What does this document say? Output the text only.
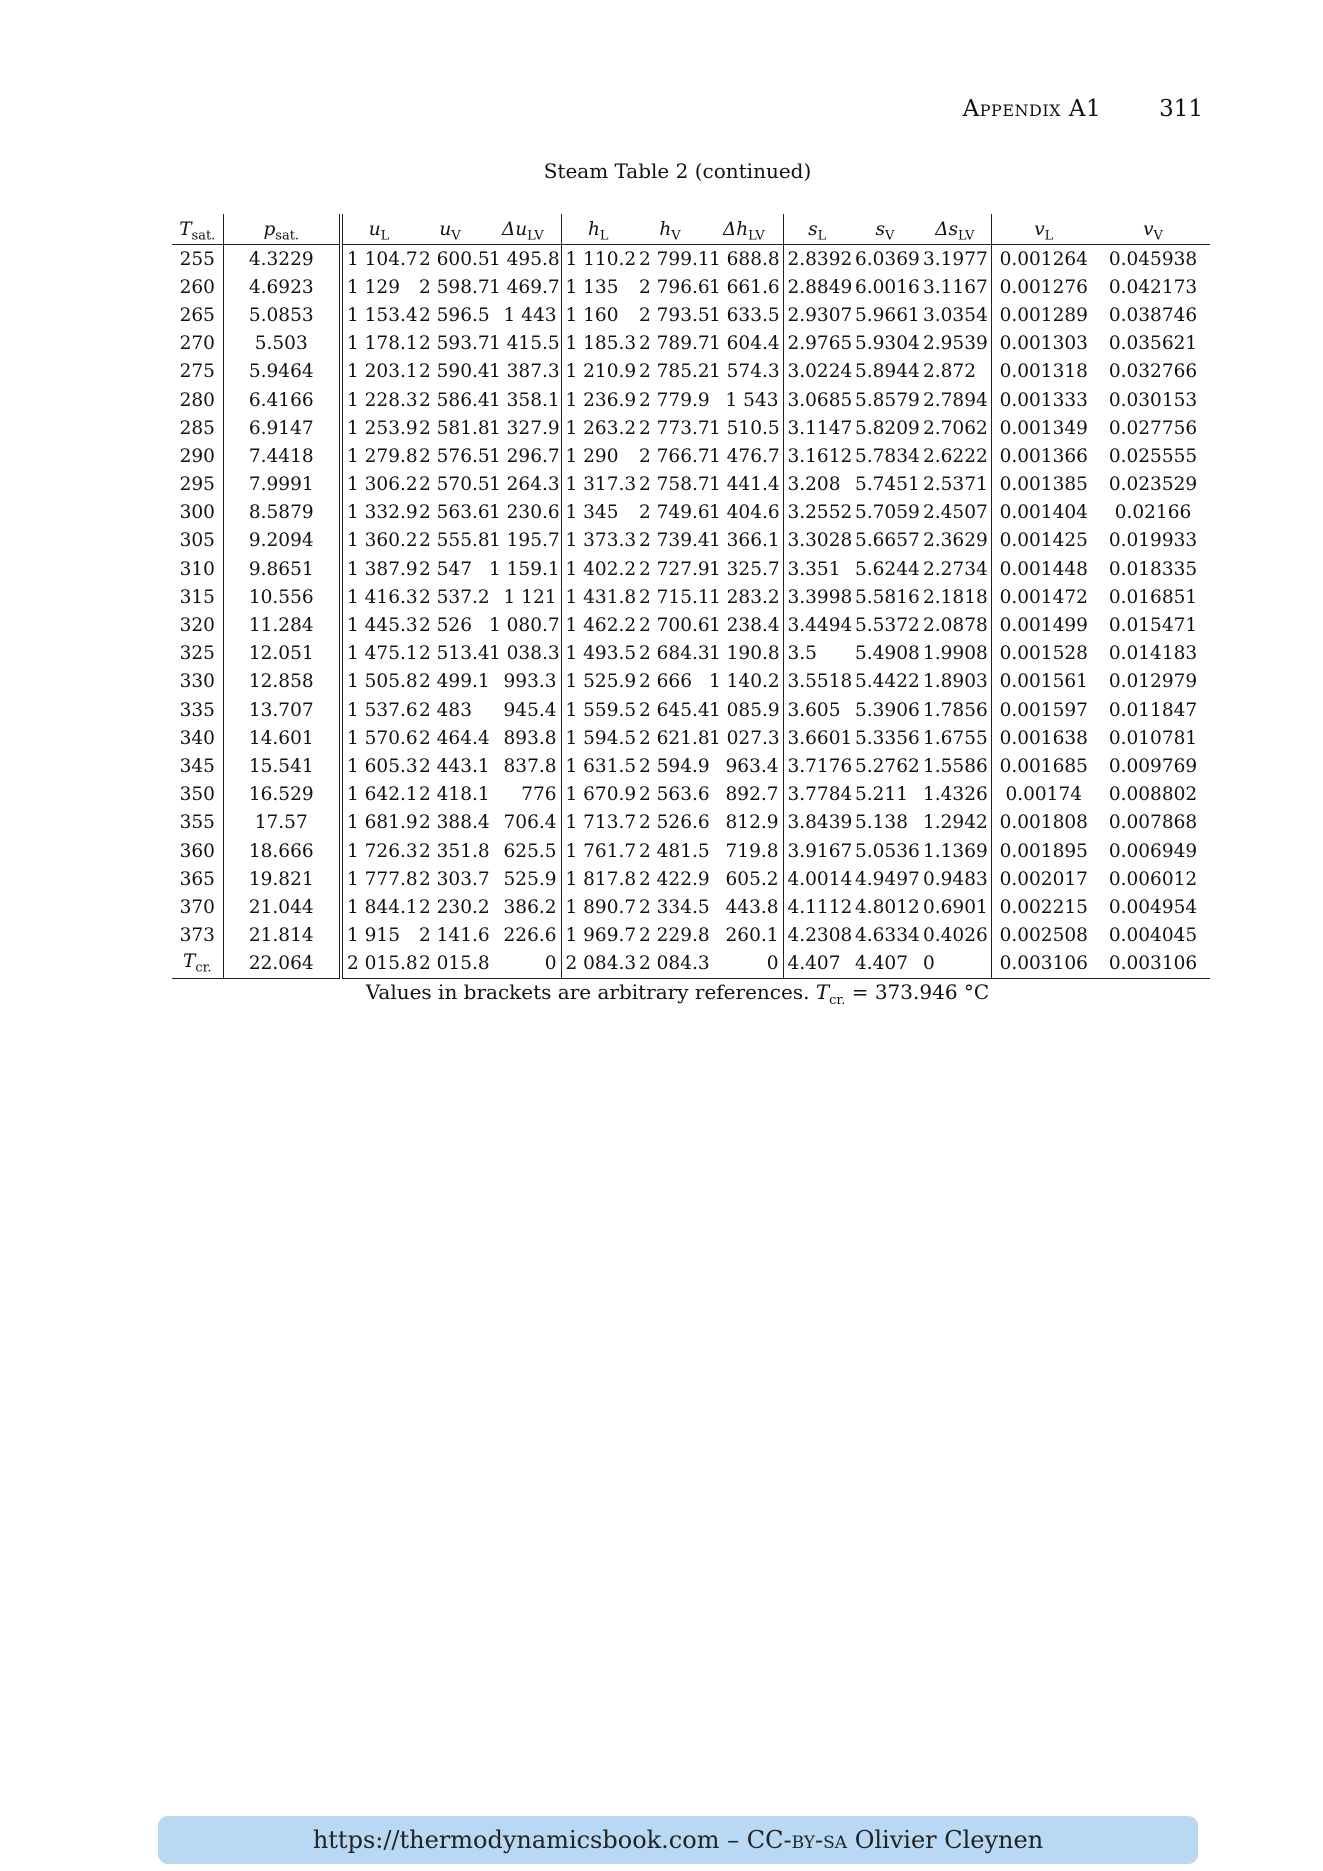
Appendix A1	311
Steam Table 2 (continued)
$T_{sat.}$	$p_{sat.}$	$u_L$	$u_V$	$\Delta u_{LV}$	$h_L$	$h_V$	$\Delta h_{LV}$	$s_L$	$s_V$	$\Delta s_{LV}$	$v_L$	$v_V$
255	4.3229	1 104.7	2 600.5	1 495.8	1 110.2	2 799.1	1 688.8	2.8392	6.0369	3.1977	0.001264	0.045938
260	4.6923	1 129	2 598.7	1 469.7	1 135	2 796.6	1 661.6	2.8849	6.0016	3.1167	0.001276	0.042173
265	5.0853	1 153.4	2 596.5	1 443	1 160	2 793.5	1 633.5	2.9307	5.9661	3.0354	0.001289	0.038746
270	5.503	1 178.1	2 593.7	1 415.5	1 185.3	2 789.7	1 604.4	2.9765	5.9304	2.9539	0.001303	0.035621
275	5.9464	1 203.1	2 590.4	1 387.3	1 210.9	2 785.2	1 574.3	3.0224	5.8944	2.872	0.001318	0.032766
280	6.4166	1 228.3	2 586.4	1 358.1	1 236.9	2 779.9	1 543	3.0685	5.8579	2.7894	0.001333	0.030153
285	6.9147	1 253.9	2 581.8	1 327.9	1 263.2	2 773.7	1 510.5	3.1147	5.8209	2.7062	0.001349	0.027756
290	7.4418	1 279.8	2 576.5	1 296.7	1 290	2 766.7	1 476.7	3.1612	5.7834	2.6222	0.001366	0.025555
295	7.9991	1 306.2	2 570.5	1 264.3	1 317.3	2 758.7	1 441.4	3.208	5.7451	2.5371	0.001385	0.023529
300	8.5879	1 332.9	2 563.6	1 230.6	1 345	2 749.6	1 404.6	3.2552	5.7059	2.4507	0.001404	0.02166
305	9.2094	1 360.2	2 555.8	1 195.7	1 373.3	2 739.4	1 366.1	3.3028	5.6657	2.3629	0.001425	0.019933
310	9.8651	1 387.9	2 547	1 159.1	1 402.2	2 727.9	1 325.7	3.351	5.6244	2.2734	0.001448	0.018335
315	10.556	1 416.3	2 537.2	1 121	1 431.8	2 715.1	1 283.2	3.3998	5.5816	2.1818	0.001472	0.016851
320	11.284	1 445.3	2 526	1 080.7	1 462.2	2 700.6	1 238.4	3.4494	5.5372	2.0878	0.001499	0.015471
325	12.051	1 475.1	2 513.4	1 038.3	1 493.5	2 684.3	1 190.8	3.5	5.4908	1.9908	0.001528	0.014183
330	12.858	1 505.8	2 499.1	993.3	1 525.9	2 666	1 140.2	3.5518	5.4422	1.8903	0.001561	0.012979
335	13.707	1 537.6	2 483	945.4	1 559.5	2 645.4	1 085.9	3.605	5.3906	1.7856	0.001597	0.011847
340	14.601	1 570.6	2 464.4	893.8	1 594.5	2 621.8	1 027.3	3.6601	5.3356	1.6755	0.001638	0.010781
345	15.541	1 605.3	2 443.1	837.8	1 631.5	2 594.9	963.4	3.7176	5.2762	1.5586	0.001685	0.009769
350	16.529	1 642.1	2 418.1	776	1 670.9	2 563.6	892.7	3.7784	5.211	1.4326	0.00174	0.008802
355	17.57	1 681.9	2 388.4	706.4	1 713.7	2 526.6	812.9	3.8439	5.138	1.2942	0.001808	0.007868
360	18.666	1 726.3	2 351.8	625.5	1 761.7	2 481.5	719.8	3.9167	5.0536	1.1369	0.001895	0.006949
365	19.821	1 777.8	2 303.7	525.9	1 817.8	2 422.9	605.2	4.0014	4.9497	0.9483	0.002017	0.006012
370	21.044	1 844.1	2 230.2	386.2	1 890.7	2 334.5	443.8	4.1112	4.8012	0.6901	0.002215	0.004954
373	21.814	1 915	2 141.6	226.6	1 969.7	2 229.8	260.1	4.2308	4.6334	0.4026	0.002508	0.004045
$T_{cr.}$	22.064	2 015.8	2 015.8	0	2 084.3	2 084.3	0	4.407	4.407	0	0.003106	0.003106
Values in brackets are arbitrary references. $T_{cr.} = 373.946$ °C
https://thermodynamicsbook.com
–
CC-by-sa
Olivier Cleynen
